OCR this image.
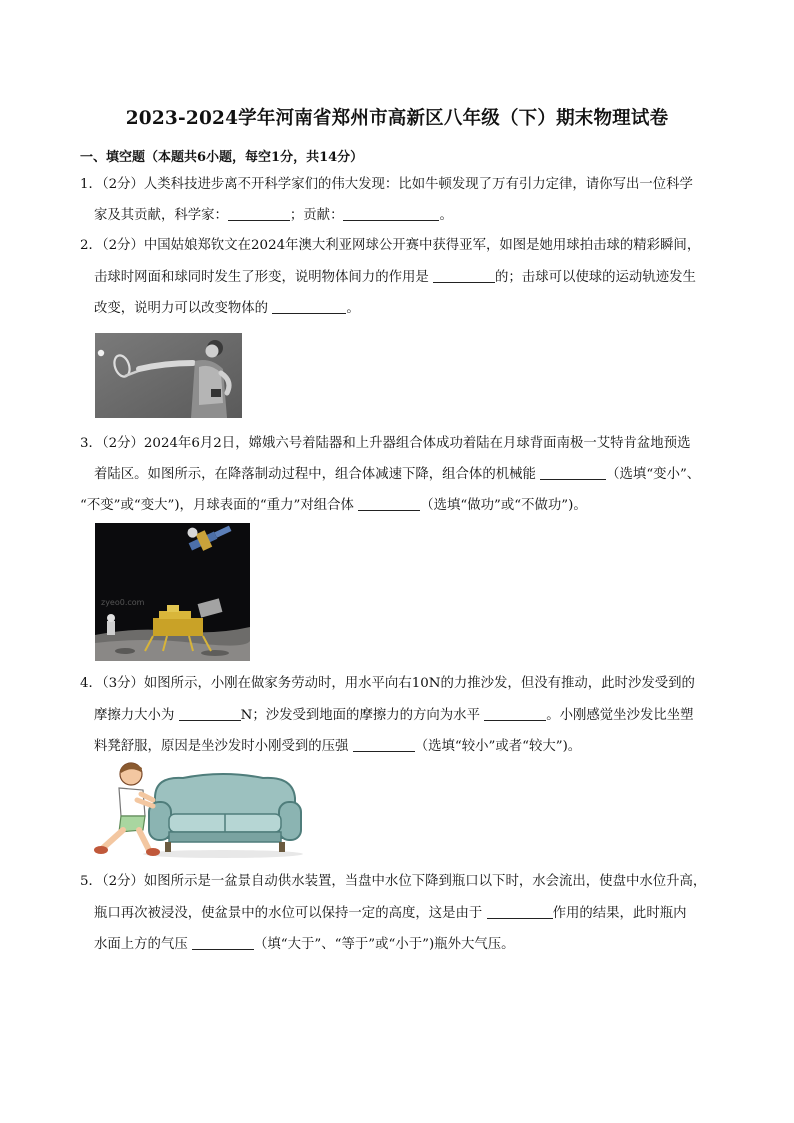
2023-2024学年河南省郑州市高新区八年级（下）期末物理试卷
一、填空题（本题共6小题，每空1分，共14分）
1．（2分）人类科技进步离不开科学家们的伟大发现：比如牛顿发现了万有引力定律，请你写出一位科学
家及其贡献，科学家：	；贡献：	。
2．（2分）中国姑娘郑钦文在2024年澳大利亚网球公开赛中获得亚军，如图是她用球拍击球的精彩瞬间，
击球时网面和球同时发生了形变，说明物体间力的作用是	的；击球可以使球的运动轨迹发生
改变，说明力可以改变物体的	。
3．（2分）2024年6月2日，嫦娥六号着陆器和上升器组合体成功着陆在月球背面南极一艾特肯盆地预选
着陆区。如图所示，在降落制动过程中，组合体减速下降，组合体的机械能	（选填“变小”、
“不变”或“变大”)，月球表面的“重力”对组合体	（选填“做功”或“不做功”)。
zyeo0.com
4．（3分）如图所示，小刚在做家务劳动时，用水平向右10N的力推沙发，但没有推动，此时沙发受到的
摩擦力大小为	N；沙发受到地面的摩擦力的方向为水平	。小刚感觉坐沙发比坐塑
料凳舒服，原因是坐沙发时小刚受到的压强	（选填“较小”或者“较大”)。
5．（2分）如图所示是一盆景自动供水装置，当盘中水位下降到瓶口以下时，水会流出，使盘中水位升高，
瓶口再次被浸没，使盆景中的水位可以保持一定的高度，这是由于	作用的结果，此时瓶内
水面上方的气压	（填“大于”、“等于”或“小于”)瓶外大气压。
